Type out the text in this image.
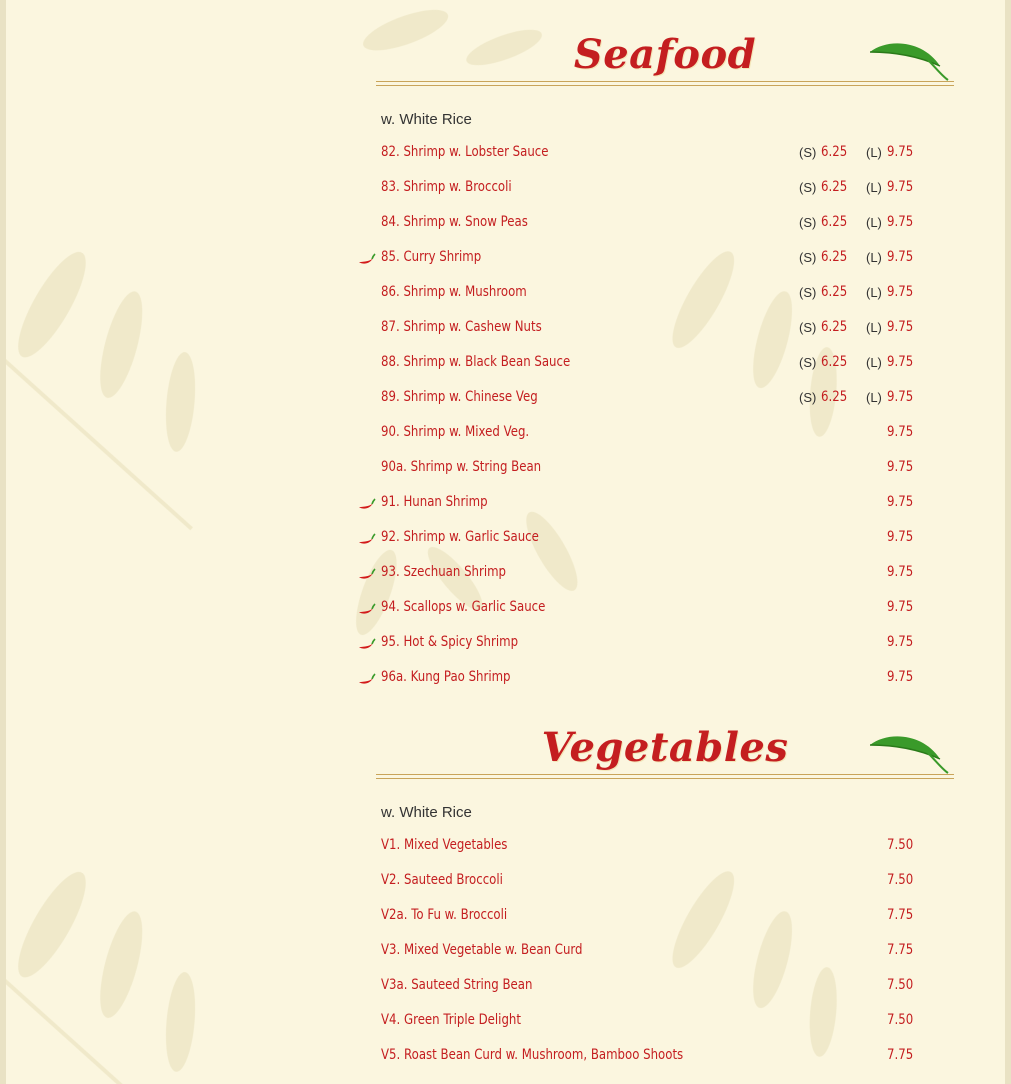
Seafood
w. White Rice
82. Shrimp w. Lobster Sauce	(S) 6.25 (L) 9.75
83. Shrimp w. Broccoli	(S) 6.25 (L) 9.75
84. Shrimp w. Snow Peas	(S) 6.25 (L) 9.75
85. Curry Shrimp	(S) 6.25 (L) 9.75
86. Shrimp w. Mushroom	(S) 6.25 (L) 9.75
87. Shrimp w. Cashew Nuts	(S) 6.25 (L) 9.75
88. Shrimp w. Black Bean Sauce	(S) 6.25 (L) 9.75
89. Shrimp w. Chinese Veg	(S) 6.25 (L) 9.75
90. Shrimp w. Mixed Veg.	9.75
90a. Shrimp w. String Bean	9.75
91. Hunan Shrimp	9.75
92. Shrimp w. Garlic Sauce	9.75
93. Szechuan Shrimp	9.75
94. Scallops w. Garlic Sauce	9.75
95. Hot & Spicy Shrimp	9.75
96a. Kung Pao Shrimp	9.75
Vegetables
w. White Rice
V1. Mixed Vegetables	7.50
V2. Sauteed Broccoli	7.50
V2a. To Fu w. Broccoli	7.75
V3. Mixed Vegetable w. Bean Curd	7.75
V3a. Sauteed String Bean	7.50
V4. Green Triple Delight	7.50
V5. Roast Bean Curd w. Mushroom, Bamboo Shoots	7.75
